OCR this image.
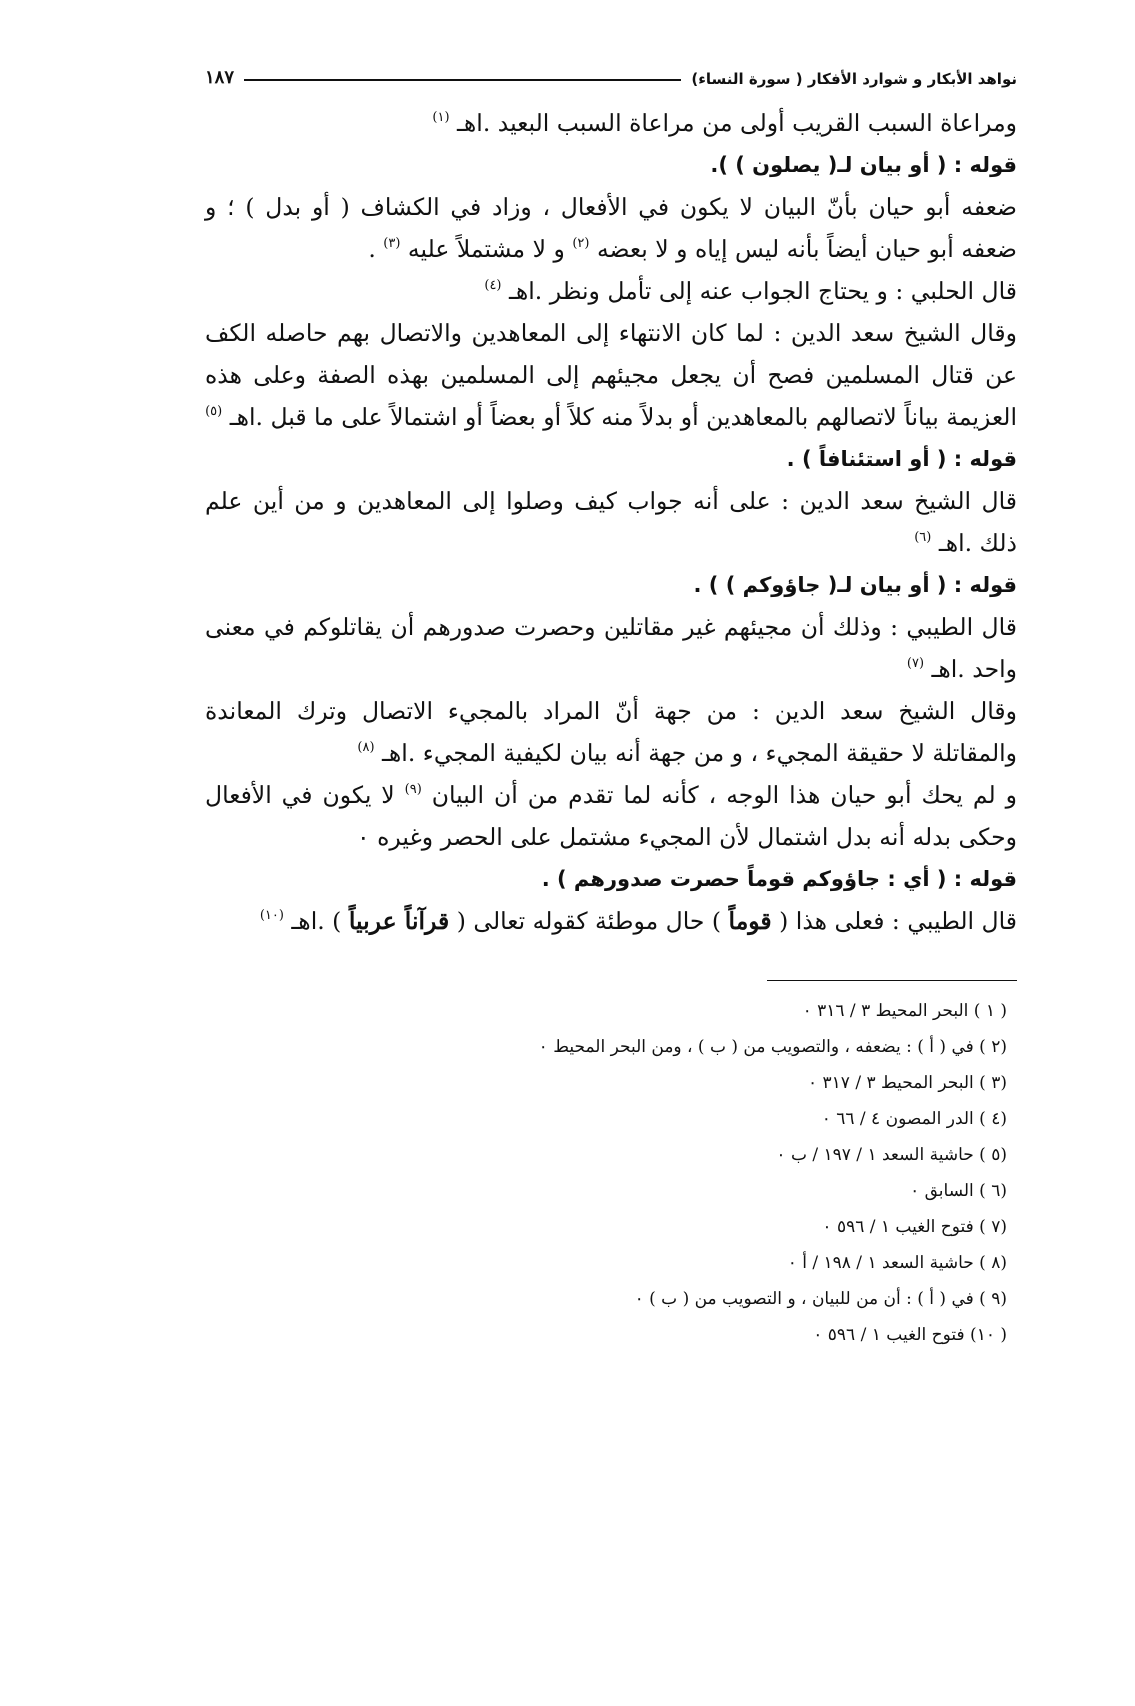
نواهد الأبكار و شوارد الأفكار ( سورة النساء)
١٨٧

ومراعاة السبب القريب أولى من مراعاة السبب البعيد .اهـ $^{(١)}$

قوله : ( أو بيان لـ( يصلون ) ).

ضعفه أبو حيان بأنّ البيان لا يكون في الأفعال ، وزاد في الكشاف ( أو بدل ) ؛ و ضعفه أبو حيان أيضاً بأنه ليس إياه و لا بعضه $^{(٢)}$ و لا مشتملاً عليه $^{(٣)}$ .

قال الحلبي : و يحتاج الجواب عنه إلى تأمل ونظر .اهـ $^{(٤)}$

وقال الشيخ سعد الدين : لما كان الانتهاء إلى المعاهدين والاتصال بهم حاصله الكف عن قتال المسلمين فصح أن يجعل مجيئهم إلى المسلمين بهذه الصفة وعلى هذه العزيمة بياناً لاتصالهم بالمعاهدين أو بدلاً منه كلاً أو بعضاً أو اشتمالاً على ما قبل .اهـ $^{(٥)}$

قوله : ( أو استئنافاً ) .

قال الشيخ سعد الدين : على أنه جواب كيف وصلوا إلى المعاهدين و من أين علم ذلك .اهـ $^{(٦)}$

قوله : ( أو بيان لـ( جاؤوكم ) ) .

قال الطيبي : وذلك أن مجيئهم غير مقاتلين وحصرت صدورهم أن يقاتلوكم في معنى واحد .اهـ $^{(٧)}$

وقال الشيخ سعد الدين : من جهة أنّ المراد بالمجيء الاتصال وترك المعاندة والمقاتلة لا حقيقة المجيء ، و من جهة أنه بيان لكيفية المجيء .اهـ $^{(٨)}$

و لم يحك أبو حيان هذا الوجه ، كأنه لما تقدم من أن البيان $^{(٩)}$ لا يكون في الأفعال وحكى بدله أنه بدل اشتمال لأن المجيء مشتمل على الحصر وغيره ٠

قوله : ( أي : جاؤوكم قوماً حصرت صدورهم ) .

قال الطيبي : فعلى هذا ( قوماً ) حال موطئة كقوله تعالى ( قرآناً عربياً ) .اهـ $^{(١٠)}$

( ١ ) البحر المحيط ٣ / ٣١٦ ٠

(٢ ) في ( أ ) : يضعفه ، والتصويب من ( ب ) ، ومن البحر المحيط ٠

(٣ ) البحر المحيط ٣ / ٣١٧ ٠

(٤ ) الدر المصون ٤ / ٦٦ ٠

(٥ ) حاشية السعد ١ / ١٩٧ / ب ٠

(٦ ) السابق ٠

(٧ ) فتوح الغيب ١ / ٥٩٦ ٠

(٨ ) حاشية السعد ١ / ١٩٨ / أ ٠

(٩ ) في ( أ ) : أن من للبيان ، و التصويب من ( ب ) ٠

( ١٠) فتوح الغيب ١ / ٥٩٦ ٠
